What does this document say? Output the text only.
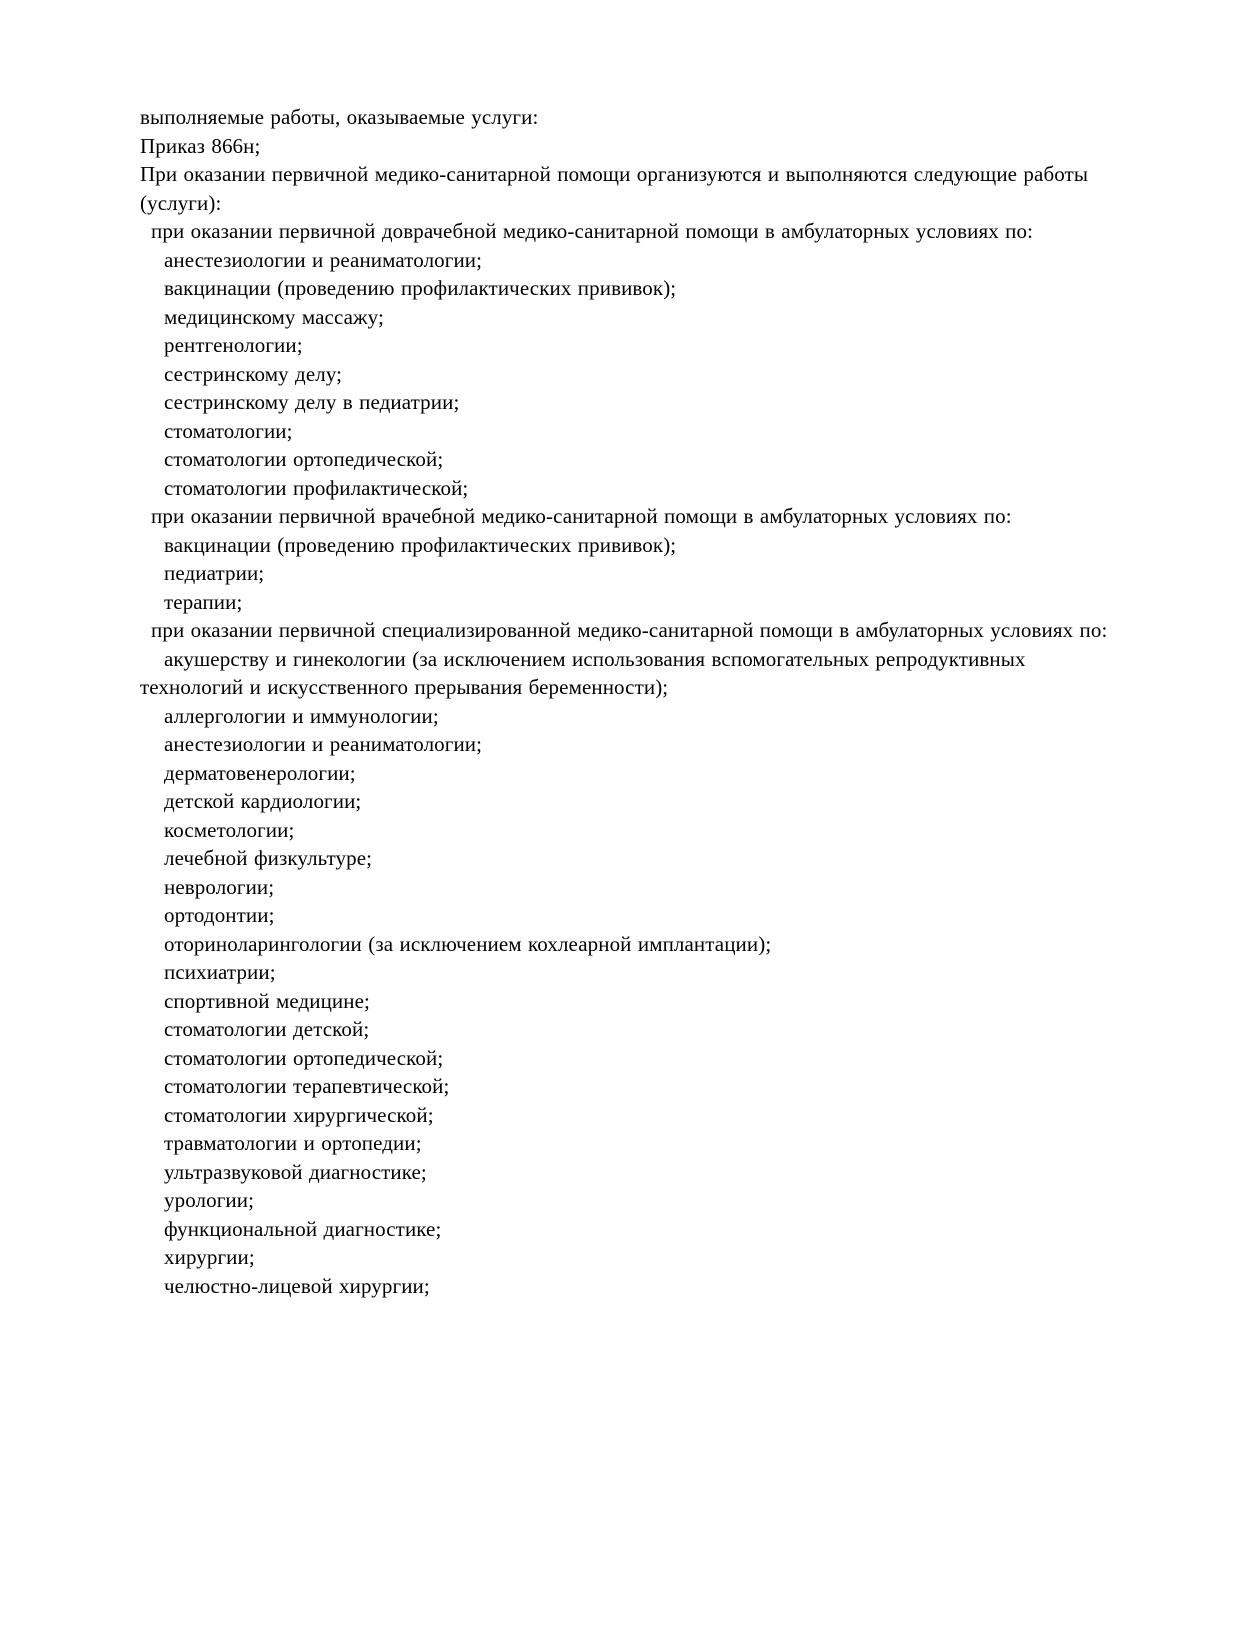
выполняемые работы, оказываемые услуги:
Приказ 866н;
При оказании первичной медико-санитарной помощи организуются и выполняются следующие работы (услуги):
при оказании первичной доврачебной медико-санитарной помощи в амбулаторных условиях по:
анестезиологии и реаниматологии;
вакцинации (проведению профилактических прививок);
медицинскому массажу;
рентгенологии;
сестринскому делу;
сестринскому делу в педиатрии;
стоматологии;
стоматологии ортопедической;
стоматологии профилактической;
при оказании первичной врачебной медико-санитарной помощи в амбулаторных условиях по:
вакцинации (проведению профилактических прививок);
педиатрии;
терапии;
при оказании первичной специализированной медико-санитарной помощи в амбулаторных условиях по:
акушерству и гинекологии (за исключением использования вспомогательных репродуктивных технологий и искусственного прерывания беременности);
аллергологии и иммунологии;
анестезиологии и реаниматологии;
дерматовенерологии;
детской кардиологии;
косметологии;
лечебной физкультуре;
неврологии;
ортодонтии;
оториноларингологии (за исключением кохлеарной имплантации);
психиатрии;
спортивной медицине;
стоматологии детской;
стоматологии ортопедической;
стоматологии терапевтической;
стоматологии хирургической;
травматологии и ортопедии;
ультразвуковой диагностике;
урологии;
функциональной диагностике;
хирургии;
челюстно-лицевой хирургии;
